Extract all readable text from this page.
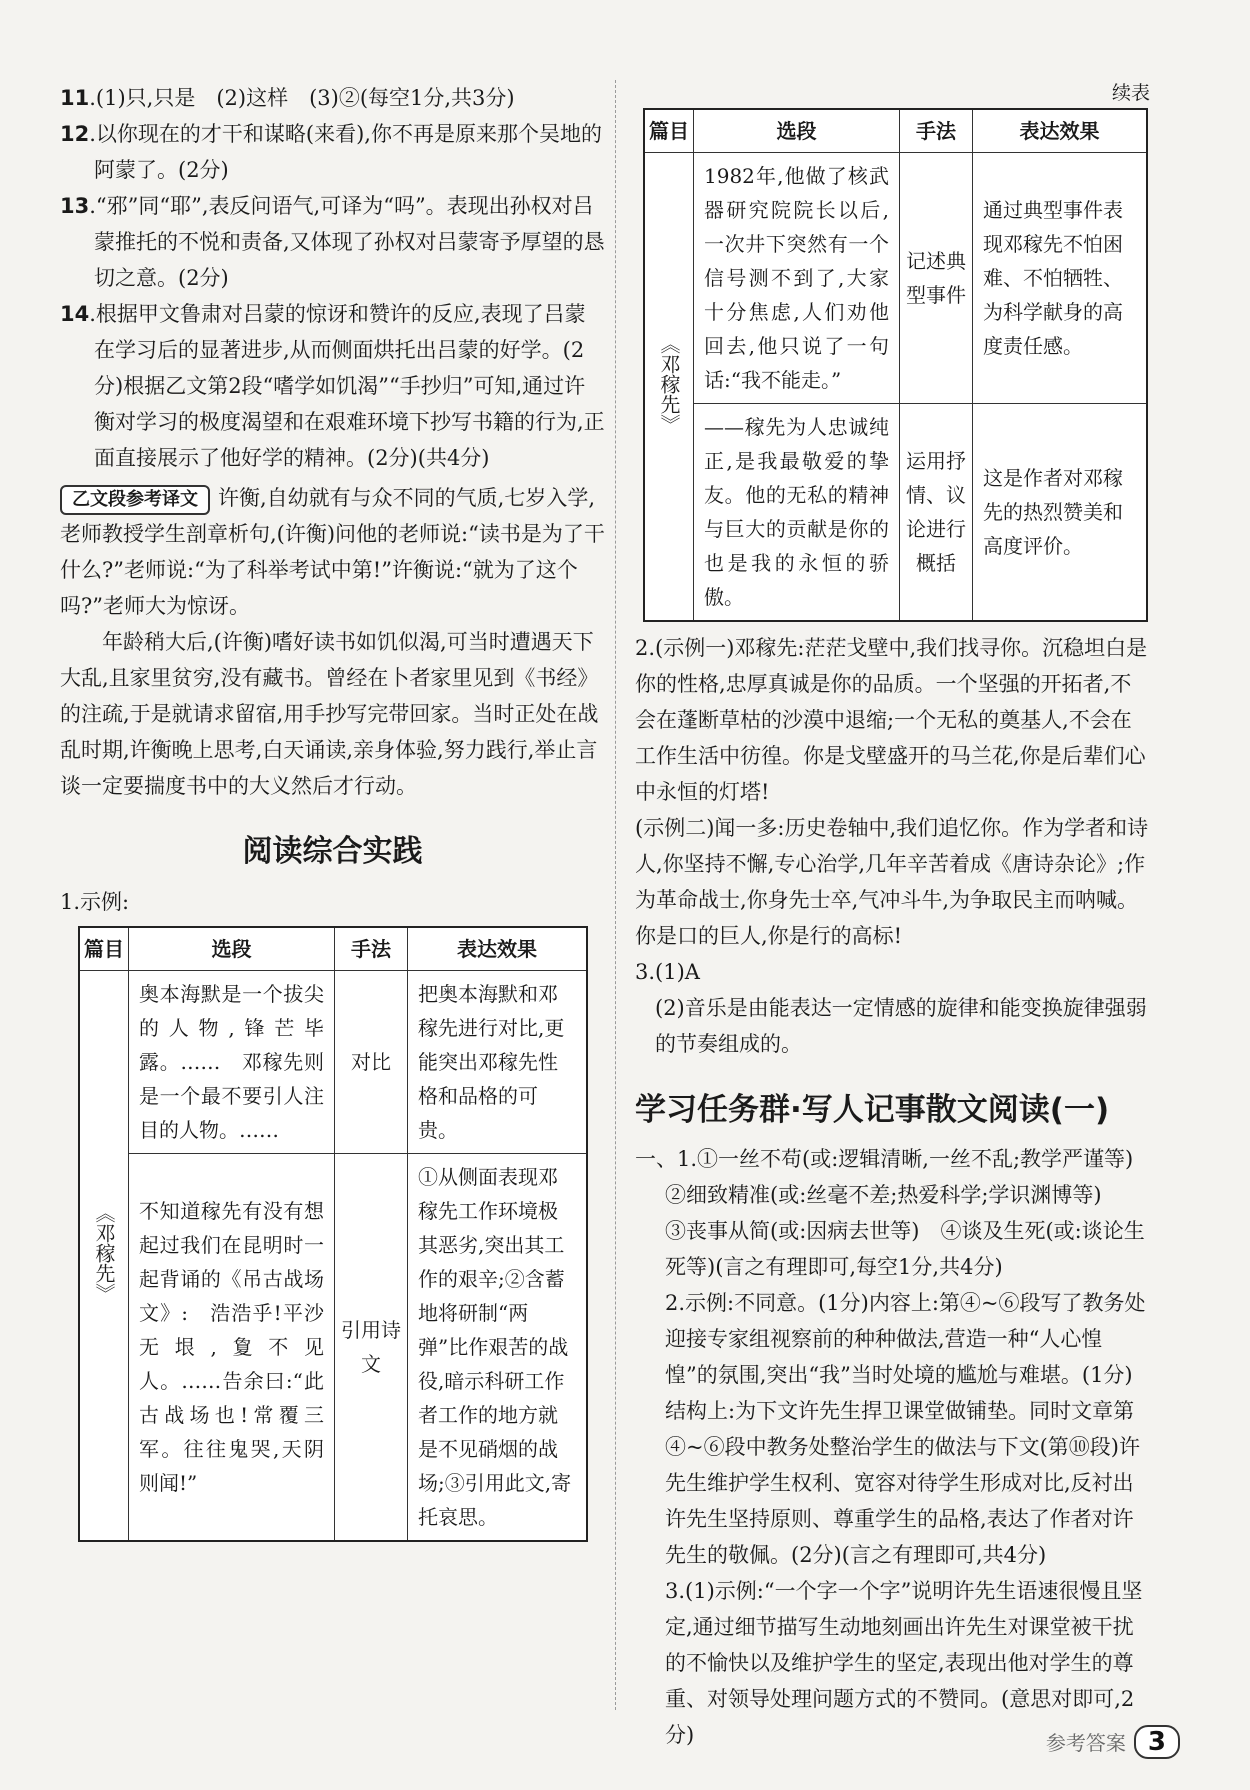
11.(1)只,只是　(2)这样　(3)②(每空1分,共3分)

12.以你现在的才干和谋略(来看),你不再是原来那个吴地的阿蒙了。(2分)

13.“邪”同“耶”,表反问语气,可译为“吗”。表现出孙权对吕蒙推托的不悦和责备,又体现了孙权对吕蒙寄予厚望的恳切之意。(2分)

14.根据甲文鲁肃对吕蒙的惊讶和赞许的反应,表现了吕蒙在学习后的显著进步,从而侧面烘托出吕蒙的好学。(2分)根据乙文第2段“嗜学如饥渴”“手抄归”可知,通过许衡对学习的极度渴望和在艰难环境下抄写书籍的行为,正面直接展示了他好学的精神。(2分)(共4分)

乙文段参考译文 许衡,自幼就有与众不同的气质,七岁入学,老师教授学生剖章析句,(许衡)问他的老师说:“读书是为了干什么?”老师说:“为了科举考试中第!”许衡说:“就为了这个吗?”老师大为惊讶。

年龄稍大后,(许衡)嗜好读书如饥似渴,可当时遭遇天下大乱,且家里贫穷,没有藏书。曾经在卜者家里见到《书经》的注疏,于是就请求留宿,用手抄写完带回家。当时正处在战乱时期,许衡晚上思考,白天诵读,亲身体验,努力践行,举止言谈一定要揣度书中的大义然后才行动。

阅读综合实践

1.示例:

篇目	选段	手法	表达效果
《邓稼先》	奥本海默是一个拔尖的人物,锋芒毕露。……　邓稼先则是一个最不要引人注目的人物。……	对比	把奥本海默和邓稼先进行对比,更能突出邓稼先性格和品格的可贵。
	不知道稼先有没有想起过我们在昆明时一起背诵的《吊古战场文》:　浩浩乎!平沙无垠,夐不见人。……告余曰:“此古战场也!常覆三军。往往鬼哭,天阴则闻!”	引用诗文	①从侧面表现邓稼先工作环境极其恶劣,突出其工作的艰辛;②含蓄地将研制“两弹”比作艰苦的战役,暗示科研工作者工作的地方就是不见硝烟的战场;③引用此文,寄托哀思。
续表
篇目	选段	手法	表达效果
《邓稼先》	1982年,他做了核武器研究院院长以后,一次井下突然有一个信号测不到了,大家十分焦虑,人们劝他回去,他只说了一句话:“我不能走。”	记述典型事件	通过典型事件表现邓稼先不怕困难、不怕牺牲、为科学献身的高度责任感。
	——稼先为人忠诚纯正,是我最敬爱的挚友。他的无私的精神与巨大的贡献是你的也是我的永恒的骄傲。	运用抒情、议论进行概括	这是作者对邓稼先的热烈赞美和高度评价。

2.(示例一)邓稼先:茫茫戈壁中,我们找寻你。沉稳坦白是你的性格,忠厚真诚是你的品质。一个坚强的开拓者,不会在蓬断草枯的沙漠中退缩;一个无私的奠基人,不会在工作生活中彷徨。你是戈壁盛开的马兰花,你是后辈们心中永恒的灯塔!

(示例二)闻一多:历史卷轴中,我们追忆你。作为学者和诗人,你坚持不懈,专心治学,几年辛苦着成《唐诗杂论》;作为革命战士,你身先士卒,气冲斗牛,为争取民主而呐喊。你是口的巨人,你是行的高标!

3.(1)A

(2)音乐是由能表达一定情感的旋律和能变换旋律强弱的节奏组成的。

学习任务群·写人记事散文阅读(一)

一、1.①一丝不苟(或:逻辑清晰,一丝不乱;教学严谨等)

②细致精准(或:丝毫不差;热爱科学;学识渊博等)

③丧事从简(或:因病去世等)　④谈及生死(或:谈论生死等)(言之有理即可,每空1分,共4分)

2.示例:不同意。(1分)内容上:第④~⑥段写了教务处迎接专家组视察前的种种做法,营造一种“人心惶惶”的氛围,突出“我”当时处境的尴尬与难堪。(1分)结构上:为下文许先生捍卫课堂做铺垫。同时文章第④~⑥段中教务处整治学生的做法与下文(第⑩段)许先生维护学生权利、宽容对待学生形成对比,反衬出许先生坚持原则、尊重学生的品格,表达了作者对许先生的敬佩。(2分)(言之有理即可,共4分)

3.(1)示例:“一个字一个字”说明许先生语速很慢且坚定,通过细节描写生动地刻画出许先生对课堂被干扰的不愉快以及维护学生的坚定,表现出他对学生的尊重、对领导处理问题方式的不赞同。(意思对即可,2分)	参考答案 3
